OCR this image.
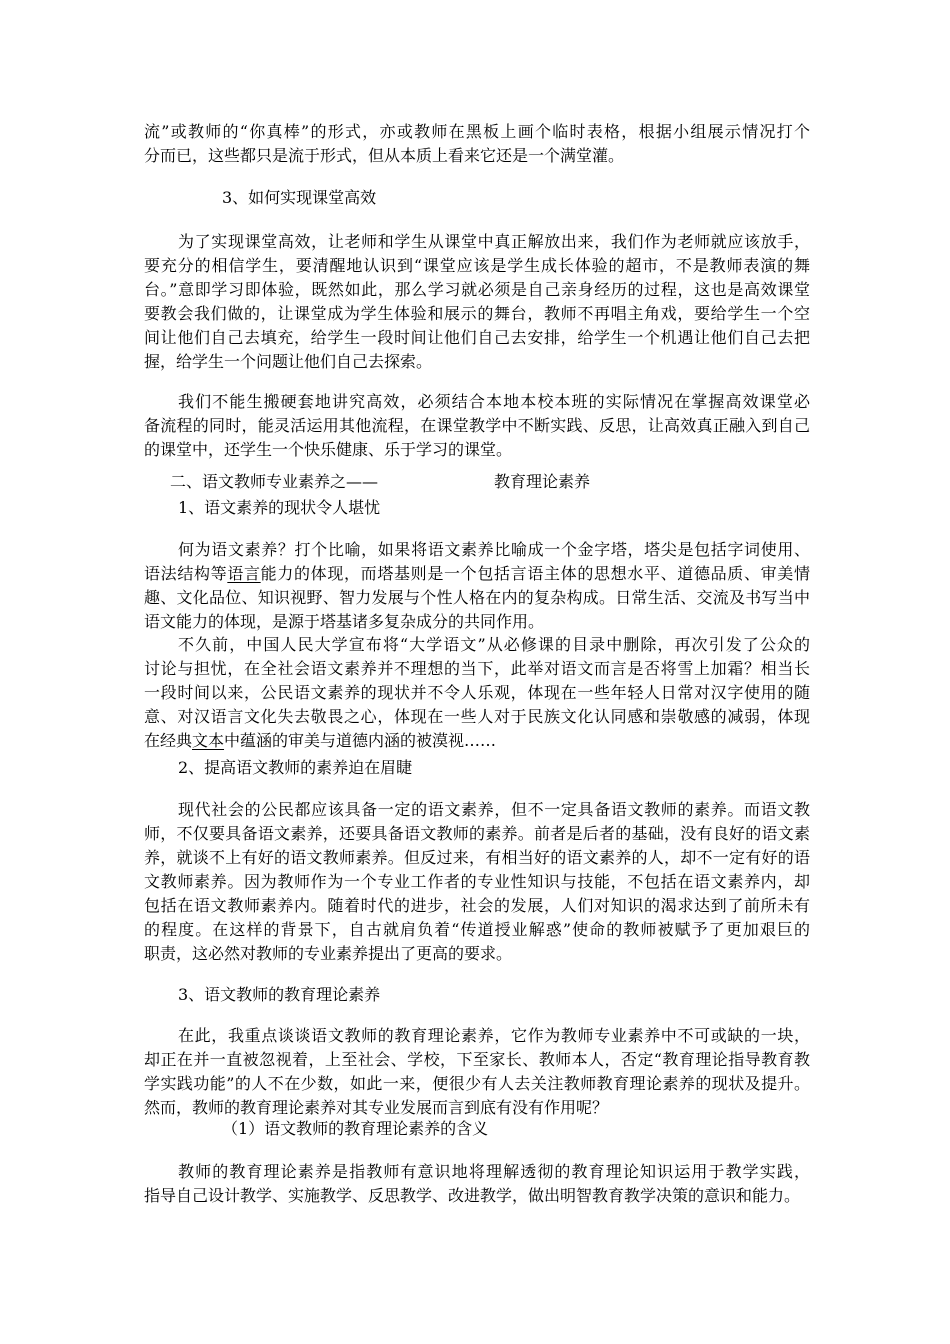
流”或教师的“你真棒”的形式，亦或教师在黑板上画个临时表格，根据小组展示情况打个
分而已，这些都只是流于形式，但从本质上看来它还是一个满堂灌。
3、如何实现课堂高效
为了实现课堂高效，让老师和学生从课堂中真正解放出来，我们作为老师就应该放手，
要充分的相信学生，要清醒地认识到“课堂应该是学生成长体验的超市，不是教师表演的舞
台。”意即学习即体验，既然如此，那么学习就必须是自己亲身经历的过程，这也是高效课堂
要教会我们做的，让课堂成为学生体验和展示的舞台，教师不再唱主角戏，要给学生一个空
间让他们自己去填充，给学生一段时间让他们自己去安排，给学生一个机遇让他们自己去把
握，给学生一个问题让他们自己去探索。
我们不能生搬硬套地讲究高效，必须结合本地本校本班的实际情况在掌握高效课堂必
备流程的同时，能灵活运用其他流程，在课堂教学中不断实践、反思，让高效真正融入到自己
的课堂中，还学生一个快乐健康、乐于学习的课堂。
二、语文教师专业素养之——	教育理论素养
1、语文素养的现状令人堪忧
何为语文素养？打个比喻，如果将语文素养比喻成一个金字塔，塔尖是包括字词使用、
语法结构等语言能力的体现，而塔基则是一个包括言语主体的思想水平、道德品质、审美情
趣、文化品位、知识视野、智力发展与个性人格在内的复杂构成。日常生活、交流及书写当中
语文能力的体现，是源于塔基诸多复杂成分的共同作用。
不久前，中国人民大学宣布将“大学语文”从必修课的目录中删除，再次引发了公众的
讨论与担忧，在全社会语文素养并不理想的当下，此举对语文而言是否将雪上加霜？相当长
一段时间以来，公民语文素养的现状并不令人乐观，体现在一些年轻人日常对汉字使用的随
意、对汉语言文化失去敬畏之心，体现在一些人对于民族文化认同感和崇敬感的减弱，体现
在经典文本中蕴涵的审美与道德内涵的被漠视……
2、提高语文教师的素养迫在眉睫
现代社会的公民都应该具备一定的语文素养，但不一定具备语文教师的素养。而语文教
师，不仅要具备语文素养，还要具备语文教师的素养。前者是后者的基础，没有良好的语文素
养，就谈不上有好的语文教师素养。但反过来，有相当好的语文素养的人，却不一定有好的语
文教师素养。因为教师作为一个专业工作者的专业性知识与技能，不包括在语文素养内，却
包括在语文教师素养内。随着时代的进步，社会的发展，人们对知识的渴求达到了前所未有
的程度。在这样的背景下，自古就肩负着“传道授业解惑”使命的教师被赋予了更加艰巨的
职责，这必然对教师的专业素养提出了更高的要求。
3、语文教师的教育理论素养
在此，我重点谈谈语文教师的教育理论素养，它作为教师专业素养中不可或缺的一块，
却正在并一直被忽视着，上至社会、学校，下至家长、教师本人，否定“教育理论指导教育教
学实践功能”的人不在少数，如此一来，便很少有人去关注教师教育理论素养的现状及提升。
然而，教师的教育理论素养对其专业发展而言到底有没有作用呢？
（1）语文教师的教育理论素养的含义
教师的教育理论素养是指教师有意识地将理解透彻的教育理论知识运用于教学实践，
指导自己设计教学、实施教学、反思教学、改进教学，做出明智教育教学决策的意识和能力。
